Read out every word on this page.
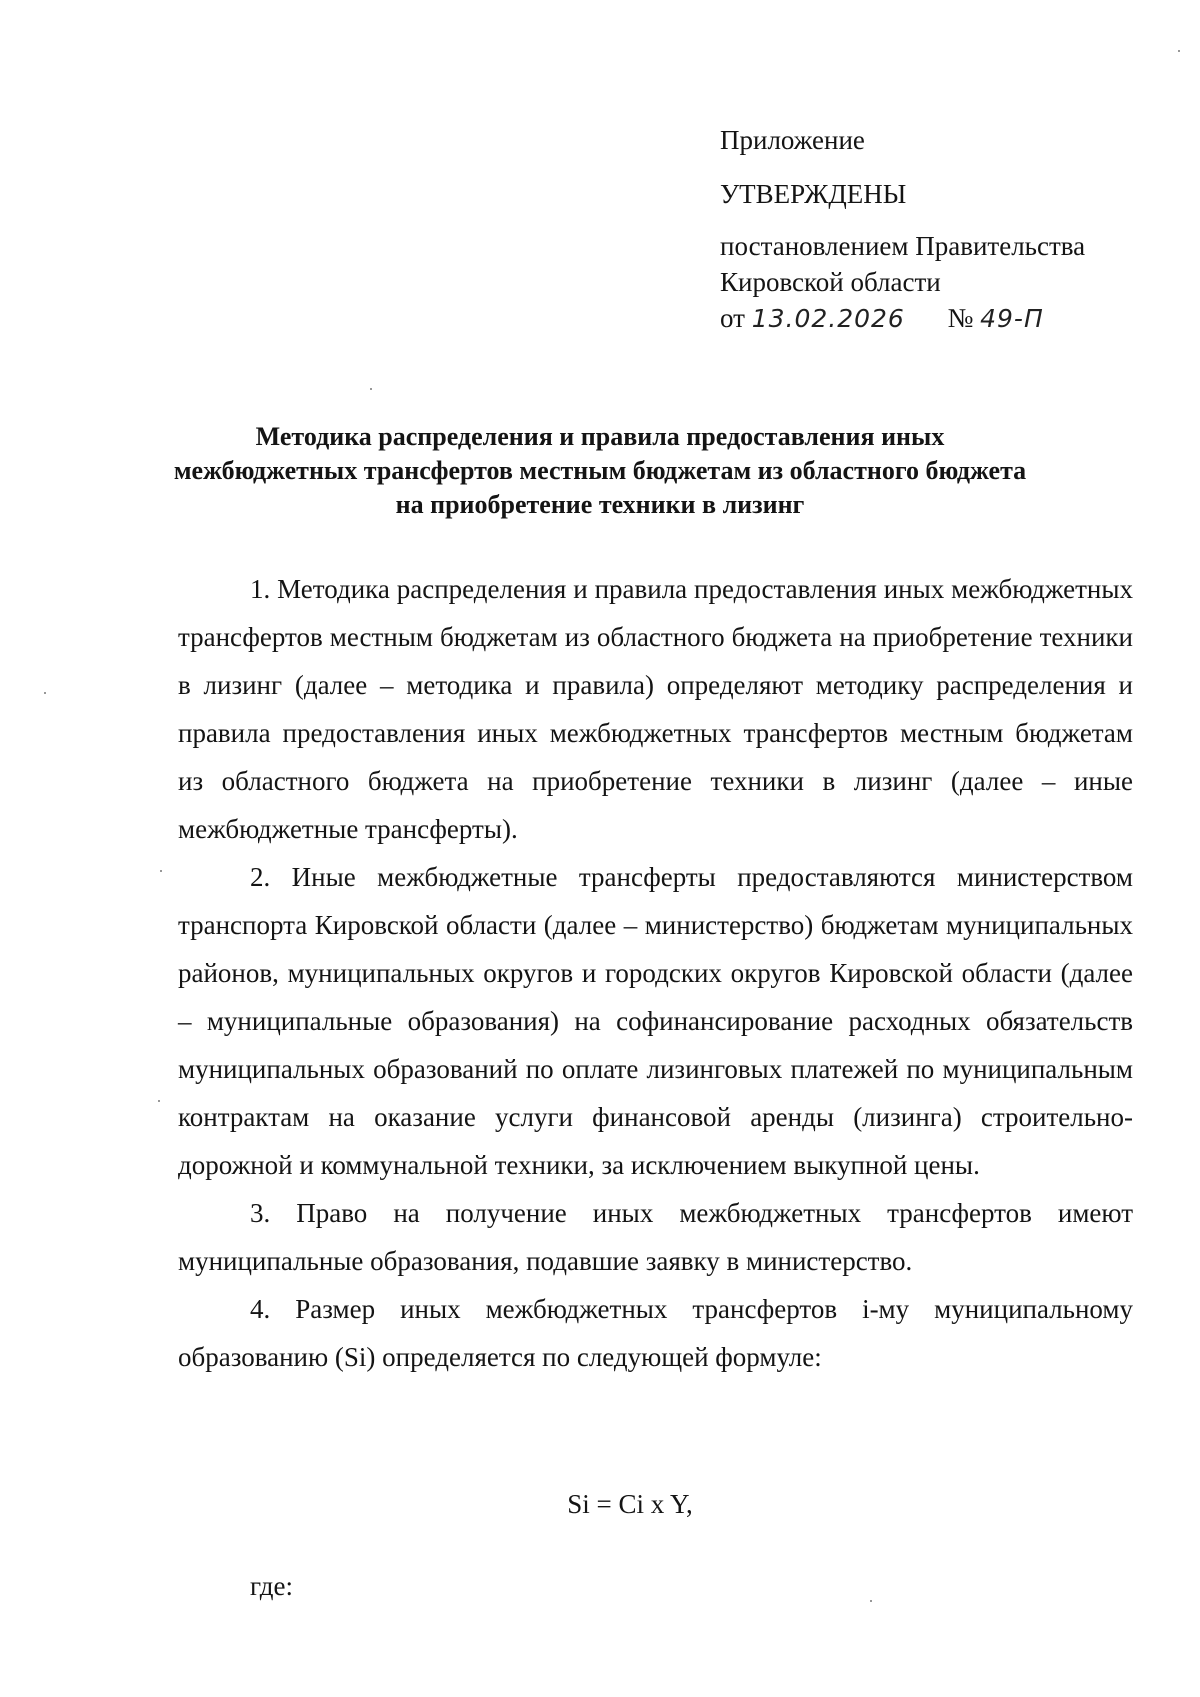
Приложение
УТВЕРЖДЕНЫ
постановлением Правительства
Кировской области
от 13.02.2026 № 49-П
Методика распределения и правила предоставления иных
межбюджетных трансфертов местным бюджетам из областного бюджета
на приобретение техники в лизинг

1. Методика распределения и правила предоставления иных межбюджетных трансфертов местным бюджетам из областного бюджета на приобретение техники в лизинг (далее – методика и правила) определяют методику распределения и правила предоставления иных межбюджетных трансфертов местным бюджетам из областного бюджета на приобретение техники в лизинг (далее – иные межбюджетные трансферты).

2. Иные межбюджетные трансферты предоставляются министерством транспорта Кировской области (далее – министерство) бюджетам муниципальных районов, муниципальных округов и городских округов Кировской области (далее – муниципальные образования) на софинансирование расходных обязательств муниципальных образований по оплате лизинговых платежей по муниципальным контрактам на оказание услуги финансовой аренды (лизинга) строительно-дорожной и коммунальной техники, за исключением выкупной цены.

3. Право на получение иных межбюджетных трансфертов имеют муниципальные образования, подавшие заявку в министерство.

4. Размер иных межбюджетных трансфертов i-му муниципальному образованию (Si) определяется по следующей формуле:

Si = Ci x Y,
где:
